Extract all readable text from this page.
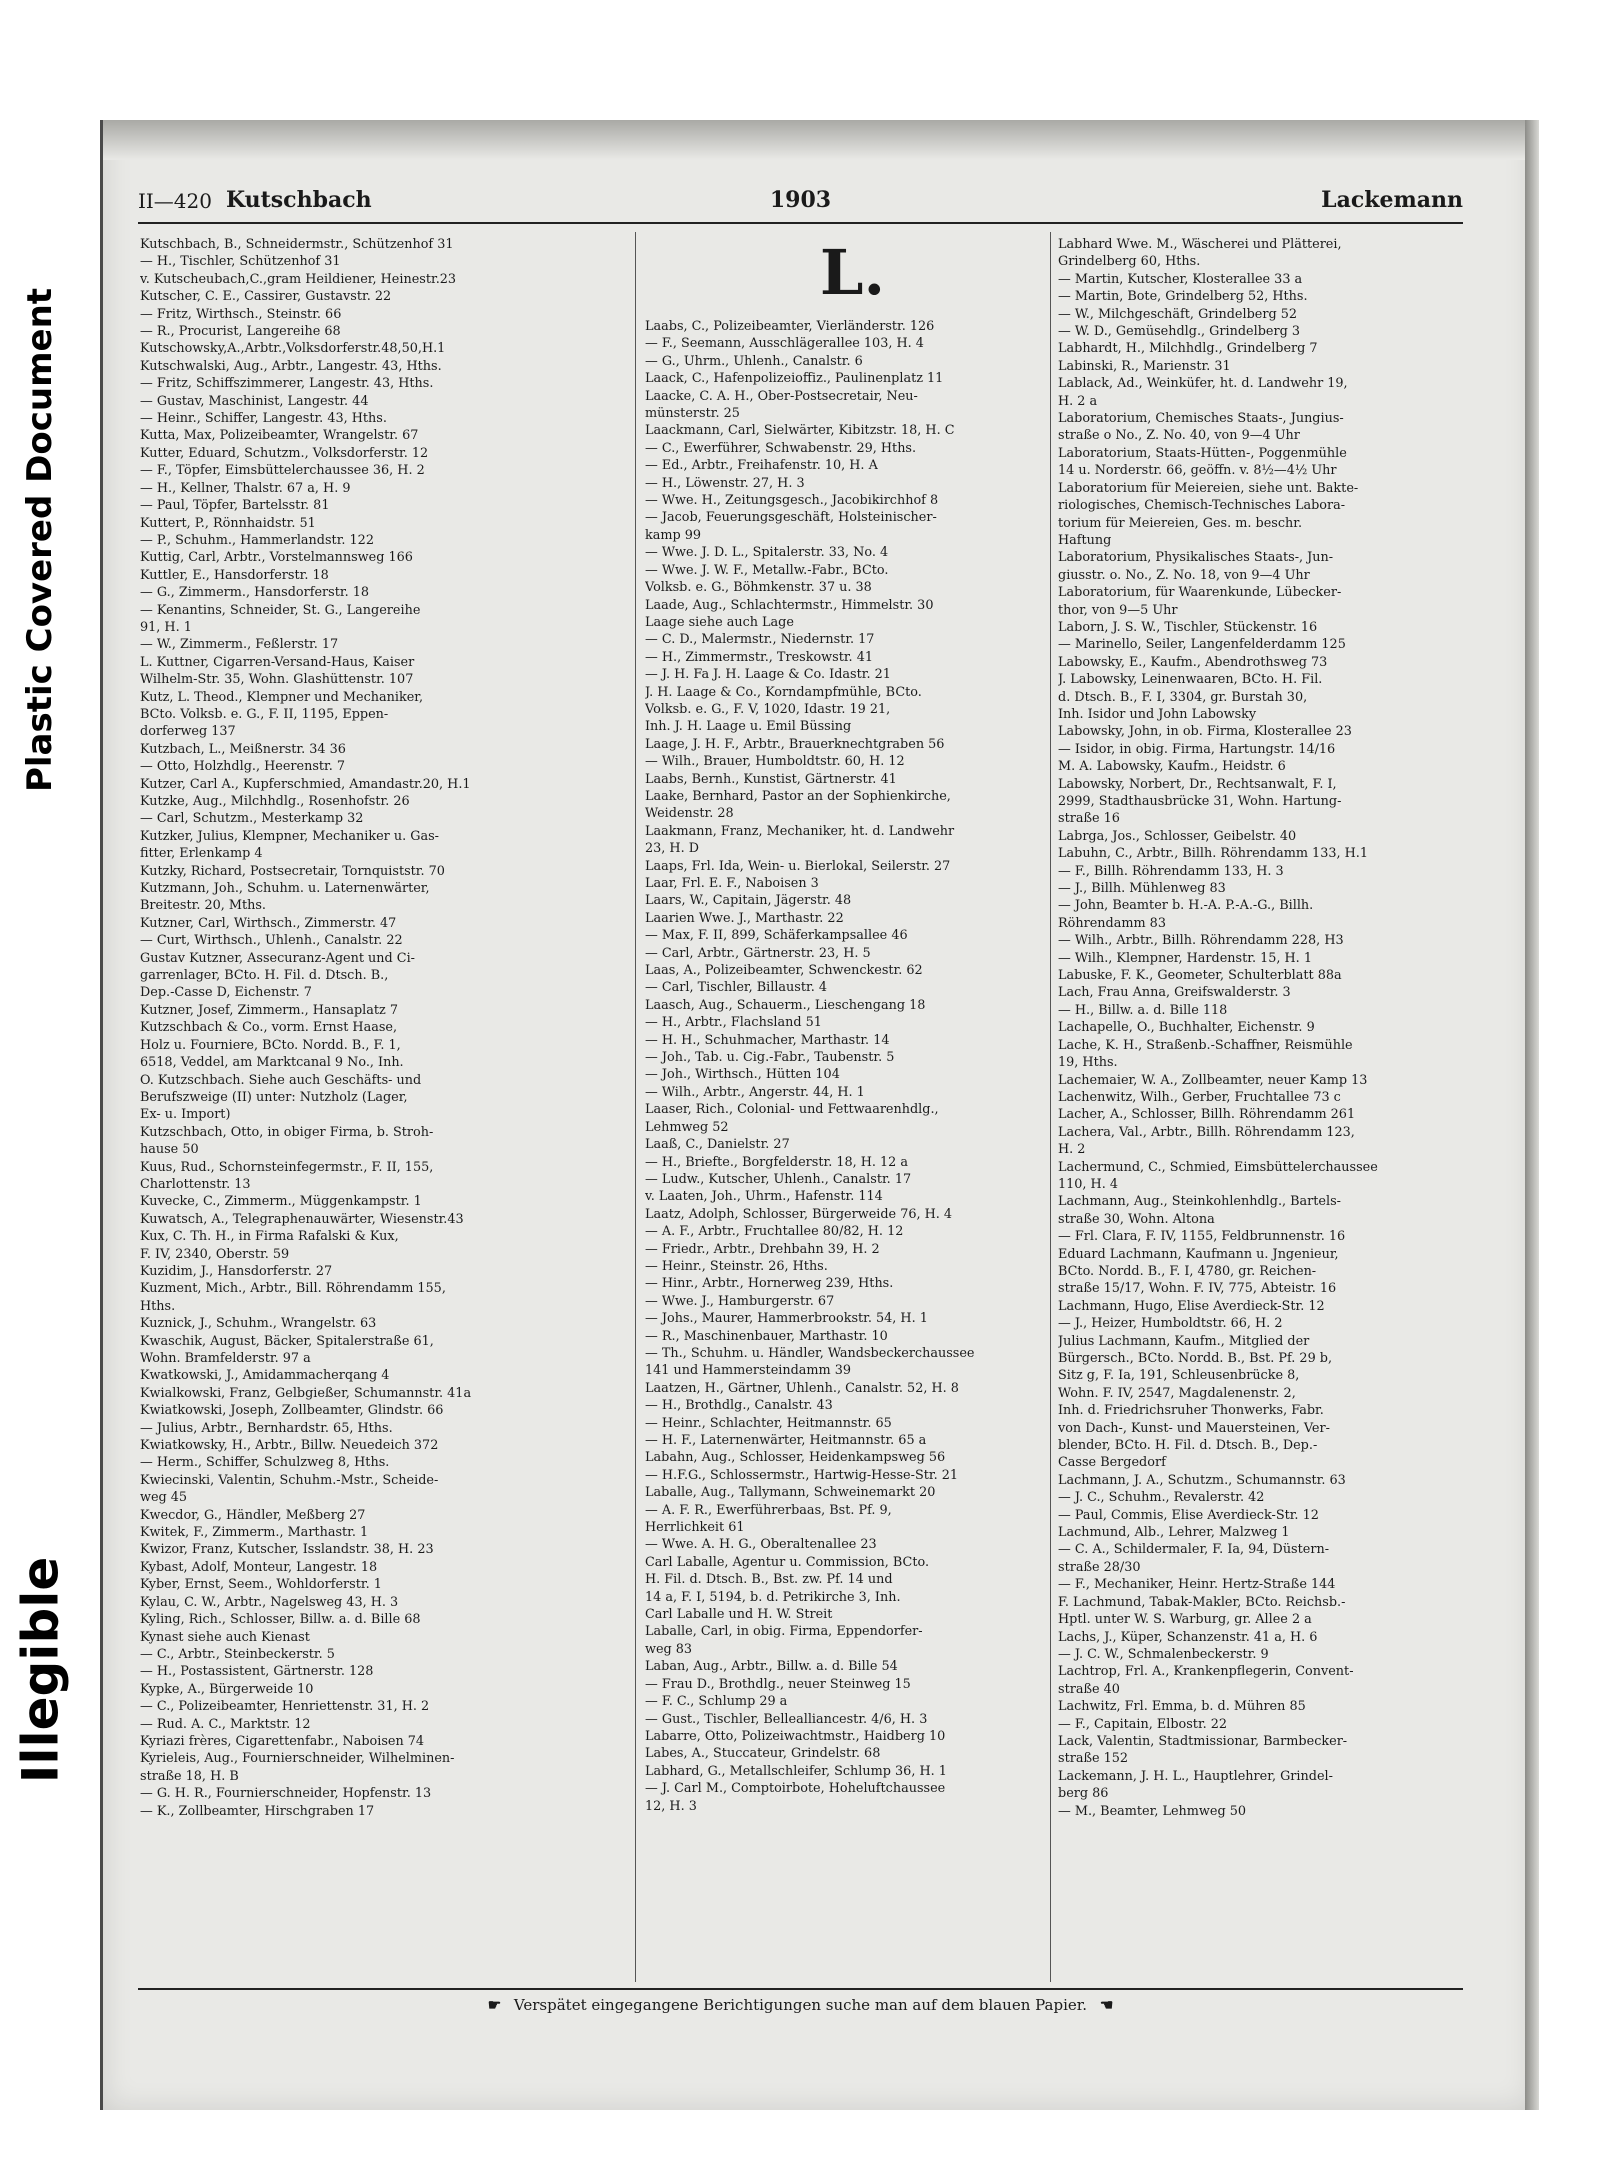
Plastic Covered Document
Illegible
II—420 Kutschbach	1903	Lackemann
Kutschbach, B., Schneidermstr., Schützenhof 31
— H., Tischler, Schützenhof 31
v. Kutscheubach,C.,gram Heildiener, Heinestr.23
Kutscher, C. E., Cassirer, Gustavstr. 22
— Fritz, Wirthsch., Steinstr. 66
— R., Procurist, Langereihe 68
Kutschowsky,A.,Arbtr.,Volksdorferstr.48,50,H.1
Kutschwalski, Aug., Arbtr., Langestr. 43, Hths.
— Fritz, Schiffszimmerer, Langestr. 43, Hths.
— Gustav, Maschinist, Langestr. 44
— Heinr., Schiffer, Langestr. 43, Hths.
Kutta, Max, Polizeibeamter, Wrangelstr. 67
Kutter, Eduard, Schutzm., Volksdorferstr. 12
— F., Töpfer, Eimsbüttelerchaussee 36, H. 2
— H., Kellner, Thalstr. 67 a, H. 9
— Paul, Töpfer, Bartelsstr. 81
Kuttert, P., Rönnhaidstr. 51
— P., Schuhm., Hammerlandstr. 122
Kuttig, Carl, Arbtr., Vorstelmannsweg 166
Kuttler, E., Hansdorferstr. 18
— G., Zimmerm., Hansdorferstr. 18
— Kenantins, Schneider, St. G., Langereihe
91, H. 1
— W., Zimmerm., Feßlerstr. 17
L. Kuttner, Cigarren-Versand-Haus, Kaiser
Wilhelm-Str. 35, Wohn. Glashüttenstr. 107
Kutz, L. Theod., Klempner und Mechaniker,
BCto. Volksb. e. G., F. II, 1195, Eppen-
dorferweg 137
Kutzbach, L., Meißnerstr. 34 36
— Otto, Holzhdlg., Heerenstr. 7
Kutzer, Carl A., Kupferschmied, Amandastr.20, H.1
Kutzke, Aug., Milchhdlg., Rosenhofstr. 26
— Carl, Schutzm., Mesterkamp 32
Kutzker, Julius, Klempner, Mechaniker u. Gas-
fitter, Erlenkamp 4
Kutzky, Richard, Postsecretair, Tornquiststr. 70
Kutzmann, Joh., Schuhm. u. Laternenwärter,
Breitestr. 20, Mths.
Kutzner, Carl, Wirthsch., Zimmerstr. 47
— Curt, Wirthsch., Uhlenh., Canalstr. 22
Gustav Kutzner, Assecuranz-Agent und Ci-
garrenlager, BCto. H. Fil. d. Dtsch. B.,
Dep.-Casse D, Eichenstr. 7
Kutzner, Josef, Zimmerm., Hansaplatz 7
Kutzschbach & Co., vorm. Ernst Haase,
Holz u. Fourniere, BCto. Nordd. B., F. 1,
6518, Veddel, am Marktcanal 9 No., Inh.
O. Kutzschbach. Siehe auch Geschäfts- und
Berufszweige (II) unter: Nutzholz (Lager,
Ex- u. Import)
Kutzschbach, Otto, in obiger Firma, b. Stroh-
hause 50
Kuus, Rud., Schornsteinfegermstr., F. II, 155,
Charlottenstr. 13
Kuvecke, C., Zimmerm., Müggenkampstr. 1
Kuwatsch, A., Telegraphenauwärter, Wiesenstr.43
Kux, C. Th. H., in Firma Rafalski & Kux,
F. IV, 2340, Oberstr. 59
Kuzidim, J., Hansdorferstr. 27
Kuzment, Mich., Arbtr., Bill. Röhrendamm 155,
Hths.
Kuznick, J., Schuhm., Wrangelstr. 63
Kwaschik, August, Bäcker, Spitalerstraße 61,
Wohn. Bramfelderstr. 97 a
Kwatkowski, J., Amidammacherqang 4
Kwialkowski, Franz, Gelbgießer, Schumannstr. 41a
Kwiatkowski, Joseph, Zollbeamter, Glindstr. 66
— Julius, Arbtr., Bernhardstr. 65, Hths.
Kwiatkowsky, H., Arbtr., Billw. Neuedeich 372
— Herm., Schiffer, Schulzweg 8, Hths.
Kwiecinski, Valentin, Schuhm.-Mstr., Scheide-
weg 45
Kwecdor, G., Händler, Meßberg 27
Kwitek, F., Zimmerm., Marthastr. 1
Kwizor, Franz, Kutscher, Isslandstr. 38, H. 23
Kybast, Adolf, Monteur, Langestr. 18
Kyber, Ernst, Seem., Wohldorferstr. 1
Kylau, C. W., Arbtr., Nagelsweg 43, H. 3
Kyling, Rich., Schlosser, Billw. a. d. Bille 68
Kynast siehe auch Kienast
— C., Arbtr., Steinbeckerstr. 5
— H., Postassistent, Gärtnerstr. 128
Kypke, A., Bürgerweide 10
— C., Polizeibeamter, Henriettenstr. 31, H. 2
— Rud. A. C., Marktstr. 12
Kyriazi frères, Cigarettenfabr., Naboisen 74
Kyrieleis, Aug., Fournierschneider, Wilhelminen-
straße 18, H. B
— G. H. R., Fournierschneider, Hopfenstr. 13
— K., Zollbeamter, Hirschgraben 17
L.
Laabs, C., Polizeibeamter, Vierländerstr. 126
— F., Seemann, Ausschlägerallee 103, H. 4
— G., Uhrm., Uhlenh., Canalstr. 6
Laack, C., Hafenpolizeioffiz., Paulinenplatz 11
Laacke, C. A. H., Ober-Postsecretair, Neu-
münsterstr. 25
Laackmann, Carl, Sielwärter, Kibitzstr. 18, H. C
— C., Ewerführer, Schwabenstr. 29, Hths.
— Ed., Arbtr., Freihafenstr. 10, H. A
— H., Löwenstr. 27, H. 3
— Wwe. H., Zeitungsgesch., Jacobikirchhof 8
— Jacob, Feuerungsgeschäft, Holsteinischer-
kamp 99
— Wwe. J. D. L., Spitalerstr. 33, No. 4
— Wwe. J. W. F., Metallw.-Fabr., BCto.
Volksb. e. G., Böhmkenstr. 37 u. 38
Laade, Aug., Schlachtermstr., Himmelstr. 30
Laage siehe auch Lage
— C. D., Malermstr., Niedernstr. 17
— H., Zimmermstr., Treskowstr. 41
— J. H. Fa J. H. Laage & Co. Idastr. 21
J. H. Laage & Co., Korndampfmühle, BCto.
Volksb. e. G., F. V, 1020, Idastr. 19 21,
Inh. J. H. Laage u. Emil Büssing
Laage, J. H. F., Arbtr., Brauerknechtgraben 56
— Wilh., Brauer, Humboldtstr. 60, H. 12
Laabs, Bernh., Kunstist, Gärtnerstr. 41
Laake, Bernhard, Pastor an der Sophienkirche,
Weidenstr. 28
Laakmann, Franz, Mechaniker, ht. d. Landwehr
23, H. D
Laaps, Frl. Ida, Wein- u. Bierlokal, Seilerstr. 27
Laar, Frl. E. F., Naboisen 3
Laars, W., Capitain, Jägerstr. 48
Laarien Wwe. J., Marthastr. 22
— Max, F. II, 899, Schäferkampsallee 46
— Carl, Arbtr., Gärtnerstr. 23, H. 5
Laas, A., Polizeibeamter, Schwenckestr. 62
— Carl, Tischler, Billaustr. 4
Laasch, Aug., Schauerm., Lieschengang 18
— H., Arbtr., Flachsland 51
— H. H., Schuhmacher, Marthastr. 14
— Joh., Tab. u. Cig.-Fabr., Taubenstr. 5
— Joh., Wirthsch., Hütten 104
— Wilh., Arbtr., Angerstr. 44, H. 1
Laaser, Rich., Colonial- und Fettwaarenhdlg.,
Lehmweg 52
Laaß, C., Danielstr. 27
— H., Briefte., Borgfelderstr. 18, H. 12 a
— Ludw., Kutscher, Uhlenh., Canalstr. 17
v. Laaten, Joh., Uhrm., Hafenstr. 114
Laatz, Adolph, Schlosser, Bürgerweide 76, H. 4
— A. F., Arbtr., Fruchtallee 80/82, H. 12
— Friedr., Arbtr., Drehbahn 39, H. 2
— Heinr., Steinstr. 26, Hths.
— Hinr., Arbtr., Hornerweg 239, Hths.
— Wwe. J., Hamburgerstr. 67
— Johs., Maurer, Hammerbrookstr. 54, H. 1
— R., Maschinenbauer, Marthastr. 10
— Th., Schuhm. u. Händler, Wandsbeckerchaussee
141 und Hammersteindamm 39
Laatzen, H., Gärtner, Uhlenh., Canalstr. 52, H. 8
— H., Brothdlg., Canalstr. 43
— Heinr., Schlachter, Heitmannstr. 65
— H. F., Laternenwärter, Heitmannstr. 65 a
Labahn, Aug., Schlosser, Heidenkampsweg 56
— H.F.G., Schlossermstr., Hartwig-Hesse-Str. 21
Laballe, Aug., Tallymann, Schweinemarkt 20
— A. F. R., Ewerführerbaas, Bst. Pf. 9,
Herrlichkeit 61
— Wwe. A. H. G., Oberaltenallee 23
Carl Laballe, Agentur u. Commission, BCto.
H. Fil. d. Dtsch. B., Bst. zw. Pf. 14 und
14 a, F. I, 5194, b. d. Petrikirche 3, Inh.
Carl Laballe und H. W. Streit
Laballe, Carl, in obig. Firma, Eppendorfer-
weg 83
Laban, Aug., Arbtr., Billw. a. d. Bille 54
— Frau D., Brothdlg., neuer Steinweg 15
— F. C., Schlump 29 a
— Gust., Tischler, Bellealliancestr. 4/6, H. 3
Labarre, Otto, Polizeiwachtmstr., Haidberg 10
Labes, A., Stuccateur, Grindelstr. 68
Labhard, G., Metallschleifer, Schlump 36, H. 1
— J. Carl M., Comptoirbote, Hoheluftchaussee
12, H. 3
Labhard Wwe. M., Wäscherei und Plätterei,
Grindelberg 60, Hths.
— Martin, Kutscher, Klosterallee 33 a
— Martin, Bote, Grindelberg 52, Hths.
— W., Milchgeschäft, Grindelberg 52
— W. D., Gemüsehdlg., Grindelberg 3
Labhardt, H., Milchhdlg., Grindelberg 7
Labinski, R., Marienstr. 31
Lablack, Ad., Weinküfer, ht. d. Landwehr 19,
H. 2 a
Laboratorium, Chemisches Staats-, Jungius-
straße o No., Z. No. 40, von 9—4 Uhr
Laboratorium, Staats-Hütten-, Poggenmühle
14 u. Norderstr. 66, geöffn. v. 8½—4½ Uhr
Laboratorium für Meiereien, siehe unt. Bakte-
riologisches, Chemisch-Technisches Labora-
torium für Meiereien, Ges. m. beschr.
Haftung
Laboratorium, Physikalisches Staats-, Jun-
giusstr. o. No., Z. No. 18, von 9—4 Uhr
Laboratorium, für Waarenkunde, Lübecker-
thor, von 9—5 Uhr
Laborn, J. S. W., Tischler, Stückenstr. 16
— Marinello, Seiler, Langenfelderdamm 125
Labowsky, E., Kaufm., Abendrothsweg 73
J. Labowsky, Leinenwaaren, BCto. H. Fil.
d. Dtsch. B., F. I, 3304, gr. Burstah 30,
Inh. Isidor und John Labowsky
Labowsky, John, in ob. Firma, Klosterallee 23
— Isidor, in obig. Firma, Hartungstr. 14/16
M. A. Labowsky, Kaufm., Heidstr. 6
Labowsky, Norbert, Dr., Rechtsanwalt, F. I,
2999, Stadthausbrücke 31, Wohn. Hartung-
straße 16
Labrga, Jos., Schlosser, Geibelstr. 40
Labuhn, C., Arbtr., Billh. Röhrendamm 133, H.1
— F., Billh. Röhrendamm 133, H. 3
— J., Billh. Mühlenweg 83
— John, Beamter b. H.-A. P.-A.-G., Billh.
Röhrendamm 83
— Wilh., Arbtr., Billh. Röhrendamm 228, H3
— Wilh., Klempner, Hardenstr. 15, H. 1
Labuske, F. K., Geometer, Schulterblatt 88a
Lach, Frau Anna, Greifswalderstr. 3
— H., Billw. a. d. Bille 118
Lachapelle, O., Buchhalter, Eichenstr. 9
Lache, K. H., Straßenb.-Schaffner, Reismühle
19, Hths.
Lachemaier, W. A., Zollbeamter, neuer Kamp 13
Lachenwitz, Wilh., Gerber, Fruchtallee 73 c
Lacher, A., Schlosser, Billh. Röhrendamm 261
Lachera, Val., Arbtr., Billh. Röhrendamm 123,
H. 2
Lachermund, C., Schmied, Eimsbüttelerchaussee
110, H. 4
Lachmann, Aug., Steinkohlenhdlg., Bartels-
straße 30, Wohn. Altona
— Frl. Clara, F. IV, 1155, Feldbrunnenstr. 16
Eduard Lachmann, Kaufmann u. Jngenieur,
BCto. Nordd. B., F. I, 4780, gr. Reichen-
straße 15/17, Wohn. F. IV, 775, Abteistr. 16
Lachmann, Hugo, Elise Averdieck-Str. 12
— J., Heizer, Humboldtstr. 66, H. 2
Julius Lachmann, Kaufm., Mitglied der
Bürgersch., BCto. Nordd. B., Bst. Pf. 29 b,
Sitz g, F. Ia, 191, Schleusenbrücke 8,
Wohn. F. IV, 2547, Magdalenenstr. 2,
Inh. d. Friedrichsruher Thonwerks, Fabr.
von Dach-, Kunst- und Mauersteinen, Ver-
blender, BCto. H. Fil. d. Dtsch. B., Dep.-
Casse Bergedorf
Lachmann, J. A., Schutzm., Schumannstr. 63
— J. C., Schuhm., Revalerstr. 42
— Paul, Commis, Elise Averdieck-Str. 12
Lachmund, Alb., Lehrer, Malzweg 1
— C. A., Schildermaler, F. Ia, 94, Düstern-
straße 28/30
— F., Mechaniker, Heinr. Hertz-Straße 144
F. Lachmund, Tabak-Makler, BCto. Reichsb.-
Hptl. unter W. S. Warburg, gr. Allee 2 a
Lachs, J., Küper, Schanzenstr. 41 a, H. 6
— J. C. W., Schmalenbeckerstr. 9
Lachtrop, Frl. A., Krankenpflegerin, Convent-
straße 40
Lachwitz, Frl. Emma, b. d. Mühren 85
— F., Capitain, Elbostr. 22
Lack, Valentin, Stadtmissionar, Barmbecker-
straße 152
Lackemann, J. H. L., Hauptlehrer, Grindel-
berg 86
— M., Beamter, Lehmweg 50
☛ Verspätet eingegangene Berichtigungen suche man auf dem blauen Papier. ☚
